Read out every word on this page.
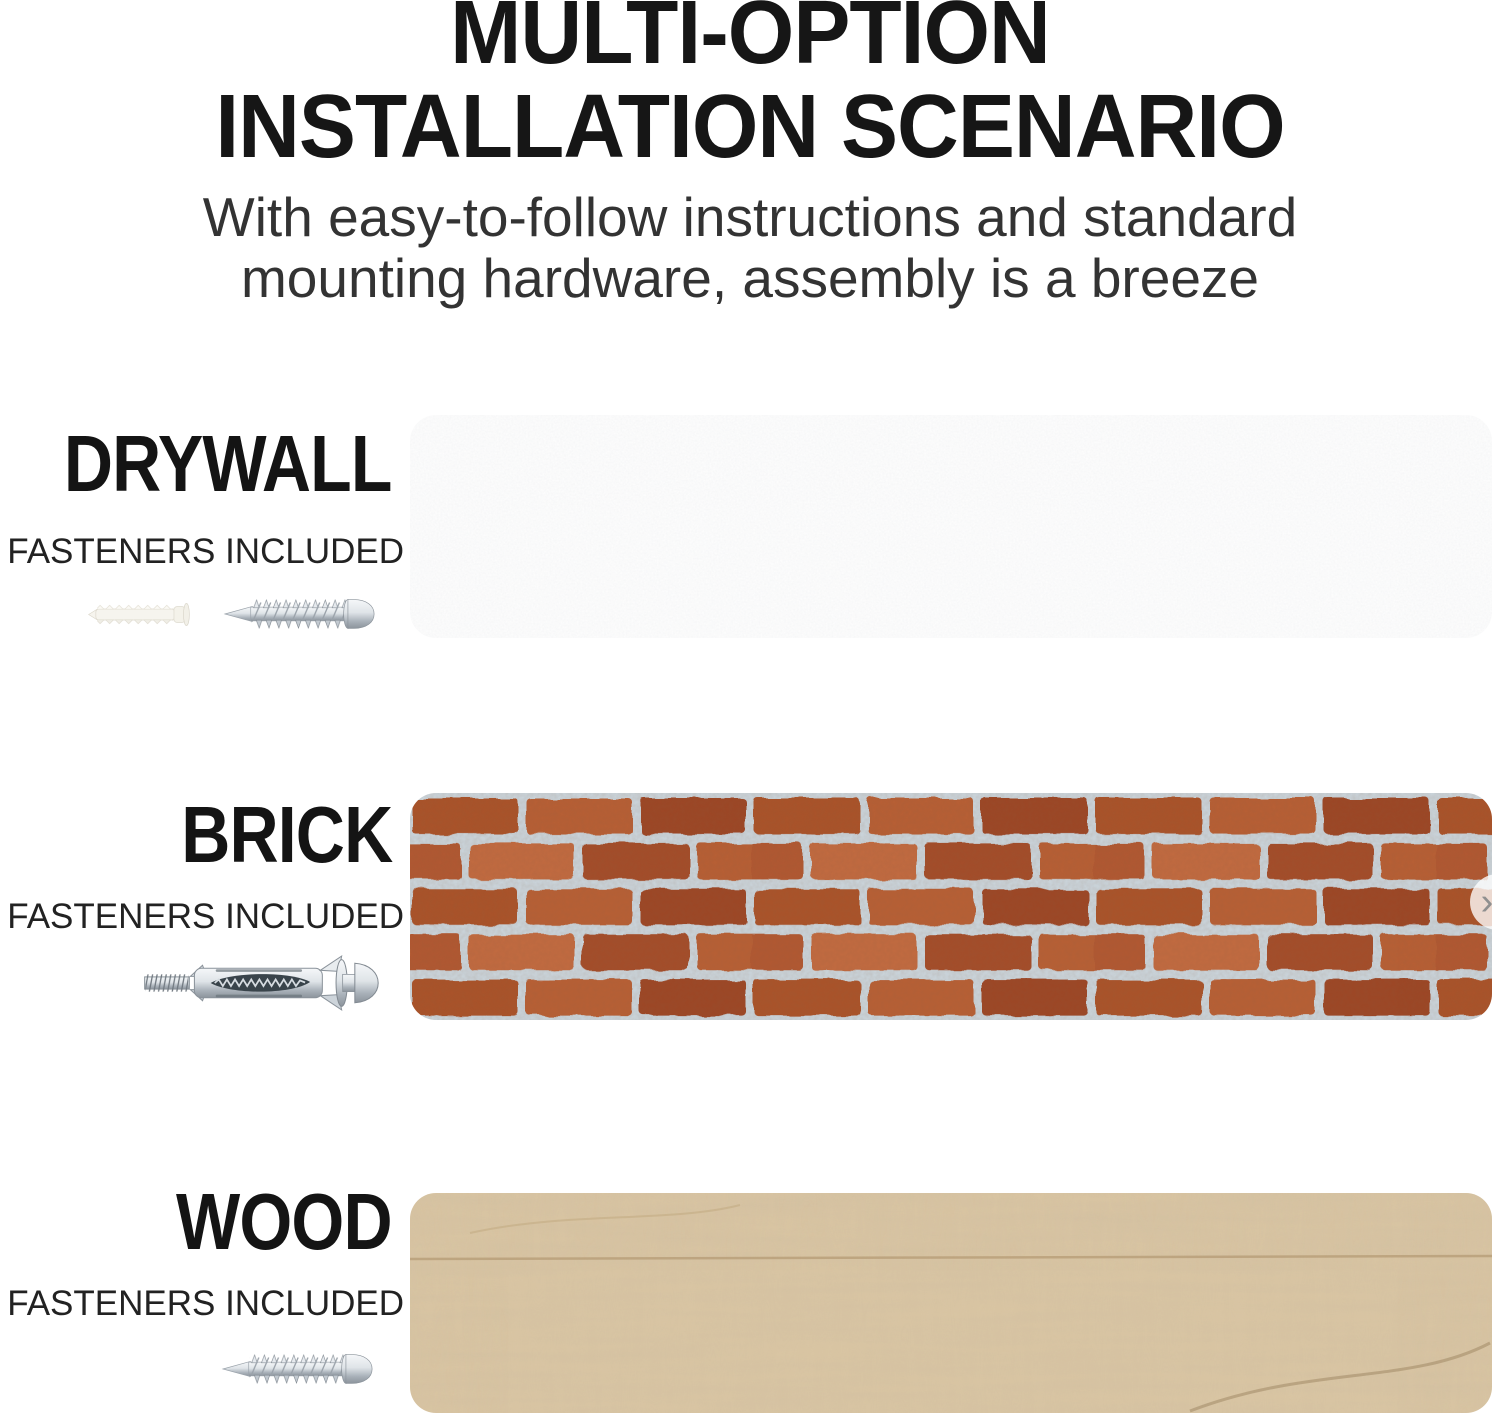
MULTI-OPTION
INSTALLATION SCENARIO
With easy-to-follow instructions and standard
mounting hardware, assembly is a breeze
DRYWALL
FASTENERS INCLUDED
BRICK
FASTENERS INCLUDED	›
WOOD
FASTENERS INCLUDED
